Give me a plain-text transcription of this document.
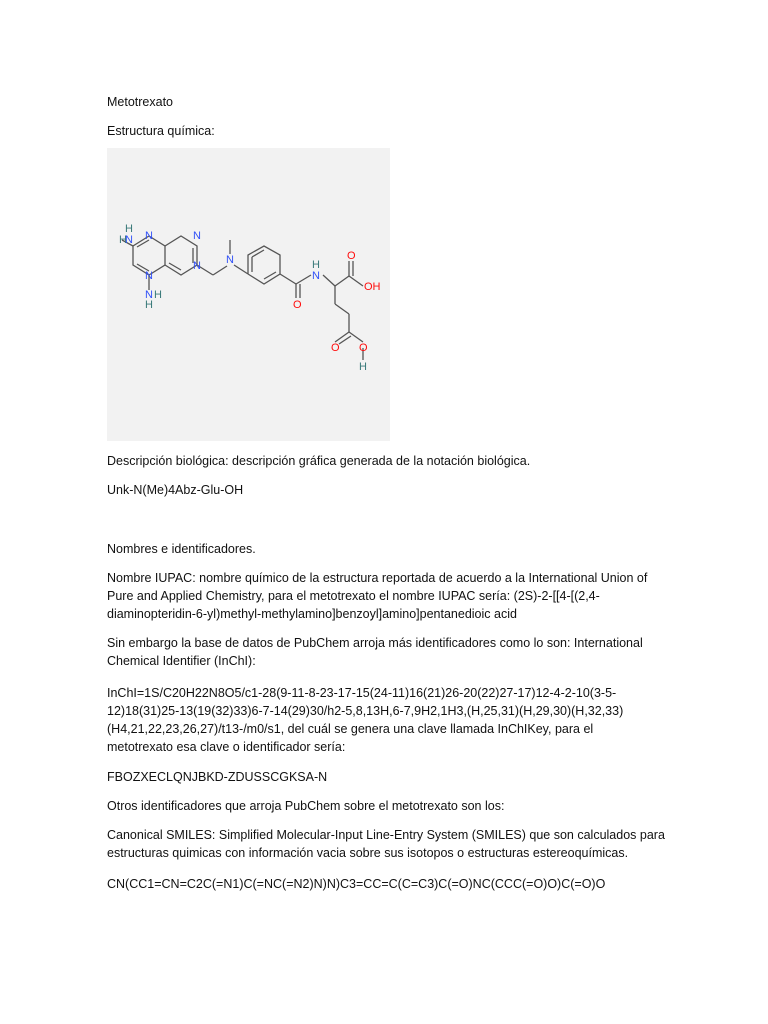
Metotrexato

Estructura química:

H
N
H
N
N
N
N
N H
H
N
N
H
O
O
OH
O O
H

Descripción biológica: descripción gráfica generada de la notación biológica.

Unk-N(Me)4Abz-Glu-OH

Nombres e identificadores.

Nombre IUPAC: nombre químico de la estructura reportada de acuerdo a la International Union of
Pure and Applied Chemistry, para el metotrexato el nombre IUPAC sería: (2S)-2-[[4-[(2,4-
diaminopteridin-6-yl)methyl-methylamino]benzoyl]amino]pentanedioic acid

Sin embargo la base de datos de PubChem arroja más identificadores como lo son: International
Chemical Identifier (InChI):

InChI=1S/C20H22N8O5/c1-28(9-11-8-23-17-15(24-11)16(21)26-20(22)27-17)12-4-2-10(3-5-
12)18(31)25-13(19(32)33)6-7-14(29)30/h2-5,8,13H,6-7,9H2,1H3,(H,25,31)(H,29,30)(H,32,33)
(H4,21,22,23,26,27)/t13-/m0/s1, del cuál se genera una clave llamada InChIKey, para el
metotrexato esa clave o identificador sería:

FBOZXECLQNJBKD-ZDUSSCGKSA-N

Otros identificadores que arroja PubChem sobre el metotrexato son los:

Canonical SMILES: Simplified Molecular-Input Line-Entry System (SMILES) que son calculados para
estructuras quimicas con información vacia sobre sus isotopos o estructuras estereoquímicas.

CN(CC1=CN=C2C(=N1)C(=NC(=N2)N)N)C3=CC=C(C=C3)C(=O)NC(CCC(=O)O)C(=O)O
